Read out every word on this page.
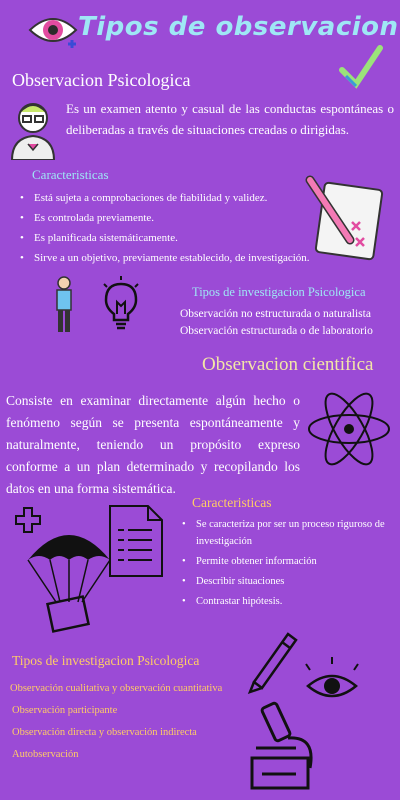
Tipos de observacion
Observacion Psicologica
Es un examen atento y casual de las conductas espontáneas o deliberadas a través de situaciones creadas o dirigidas.
Caracteristicas
• Está sujeta a comprobaciones de fiabilidad y validez.
• Es controlada previamente.
• Es planificada sistemáticamente.
• Sirve a un objetivo, previamente establecido, de investigación.
Tipos de investigacion Psicologica
Observación no estructurada o naturalista
Observación estructurada o de laboratorio
Observacion cientifica
Consiste en examinar directamente algún hecho o fenómeno según se presenta espontáneamente y naturalmente, teniendo un propósito expreso conforme a un plan determinado y recopilando los datos en una forma sistemática.
Caracteristicas
• Se caracteriza por ser un proceso riguroso de investigación
• Permite obtener información
• Describir situaciones
• Contrastar hipótesis.
Tipos de investigacion Psicologica
Observación cualitativa y observación cuantitativa
Observación participante
Observación directa y observación indirecta
Autobservación
